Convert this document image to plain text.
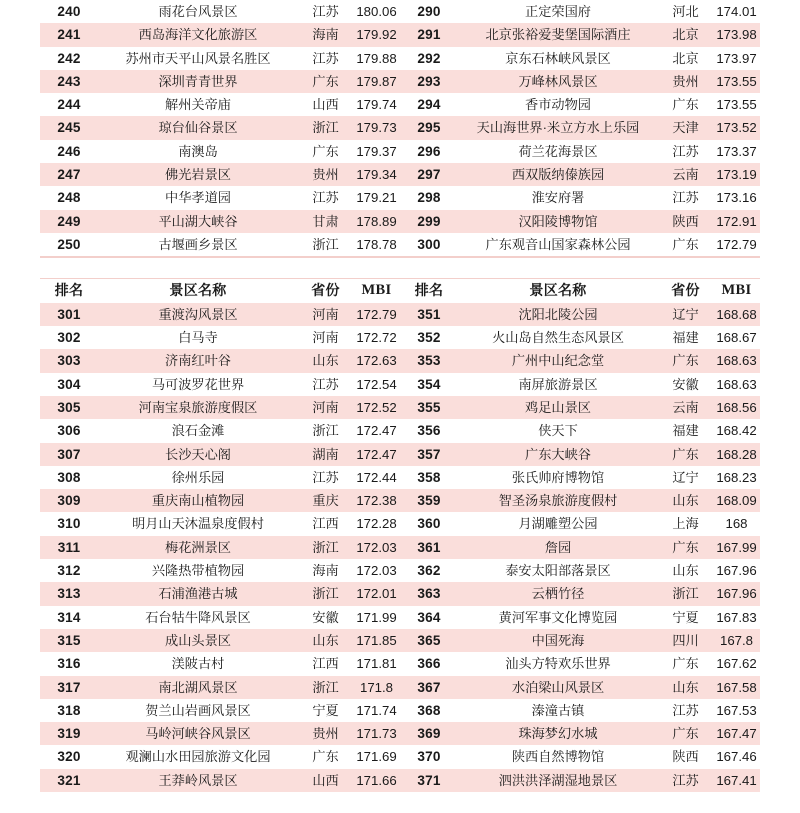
240	雨花台风景区	江苏	180.06	290	正定荣国府	河北	174.01
241	西岛海洋文化旅游区	海南	179.92	291	北京张裕爱斐堡国际酒庄	北京	173.98
242	苏州市天平山风景名胜区	江苏	179.88	292	京东石林峡风景区	北京	173.97
243	深圳青青世界	广东	179.87	293	万峰林风景区	贵州	173.55
244	解州关帝庙	山西	179.74	294	香市动物园	广东	173.55
245	琼台仙谷景区	浙江	179.73	295	天山海世界·米立方水上乐园	天津	173.52
246	南澳岛	广东	179.37	296	荷兰花海景区	江苏	173.37
247	佛光岩景区	贵州	179.34	297	西双版纳傣族园	云南	173.19
248	中华孝道园	江苏	179.21	298	淮安府署	江苏	173.16
249	平山湖大峡谷	甘肃	178.89	299	汉阳陵博物馆	陕西	172.91
250	古堰画乡景区	浙江	178.78	300	广东观音山国家森林公园	广东	172.79
排名	景区名称	省份	MBI	排名	景区名称	省份	MBI
301	重渡沟风景区	河南	172.79	351	沈阳北陵公园	辽宁	168.68
302	白马寺	河南	172.72	352	火山岛自然生态风景区	福建	168.67
303	济南红叶谷	山东	172.63	353	广州中山纪念堂	广东	168.63
304	马可波罗花世界	江苏	172.54	354	南屏旅游景区	安徽	168.63
305	河南宝泉旅游度假区	河南	172.52	355	鸡足山景区	云南	168.56
306	浪石金滩	浙江	172.47	356	侠天下	福建	168.42
307	长沙天心阁	湖南	172.47	357	广东大峡谷	广东	168.28
308	徐州乐园	江苏	172.44	358	张氏帅府博物馆	辽宁	168.23
309	重庆南山植物园	重庆	172.38	359	智圣汤泉旅游度假村	山东	168.09
310	明月山天沐温泉度假村	江西	172.28	360	月湖雕塑公园	上海	168
311	梅花洲景区	浙江	172.03	361	詹园	广东	167.99
312	兴隆热带植物园	海南	172.03	362	泰安太阳部落景区	山东	167.96
313	石浦渔港古城	浙江	172.01	363	云栖竹径	浙江	167.96
314	石台牯牛降风景区	安徽	171.99	364	黄河军事文化博览园	宁夏	167.83
315	成山头景区	山东	171.85	365	中国死海	四川	167.8
316	渼陂古村	江西	171.81	366	汕头方特欢乐世界	广东	167.62
317	南北湖风景区	浙江	171.8	367	水泊梁山风景区	山东	167.58
318	贺兰山岩画风景区	宁夏	171.74	368	溱潼古镇	江苏	167.53
319	马岭河峡谷风景区	贵州	171.73	369	珠海梦幻水城	广东	167.47
320	观澜山水田园旅游文化园	广东	171.69	370	陕西自然博物馆	陕西	167.46
321	王莽岭风景区	山西	171.66	371	泗洪洪泽湖湿地景区	江苏	167.41
